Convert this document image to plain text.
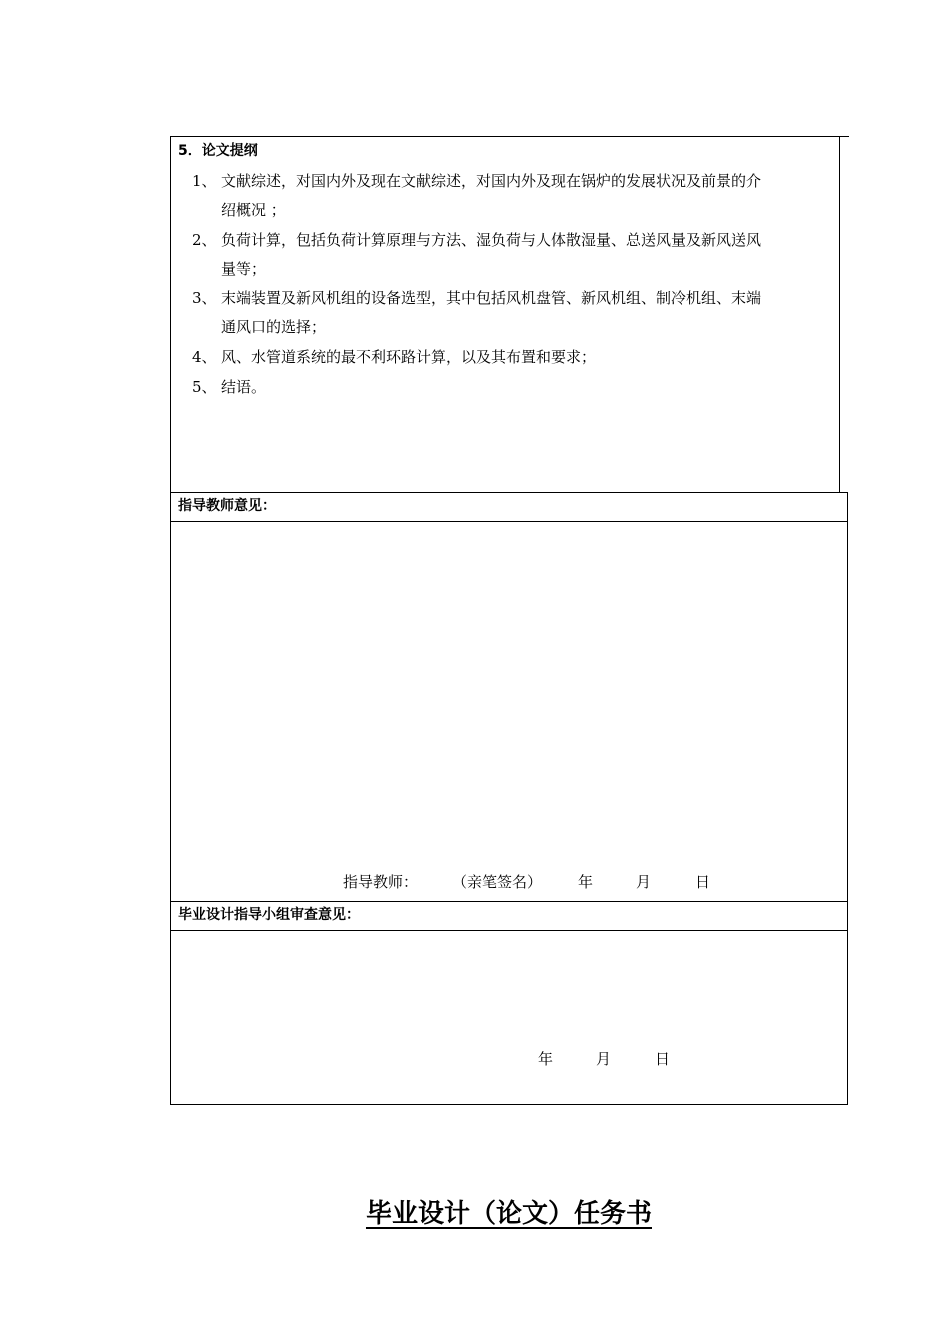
5．论文提纲
1、 文献综述，对国内外及现在文献综述，对国内外及现在锅炉的发展状况及前景的介
绍概况 ；
2、 负荷计算，包括负荷计算原理与方法、湿负荷与人体散湿量、总送风量及新风送风
量等；
3、 末端装置及新风机组的设备选型，其中包括风机盘管、新风机组、制冷机组、末端
通风口的选择；
4、 风、水管道系统的最不利环路计算，以及其布置和要求；
5、 结语。
指导教师意见：
指导教师： （亲笔签名） 年	月	日
毕业设计指导小组审查意见：
年	月	日
毕业设计（论文）任务书
